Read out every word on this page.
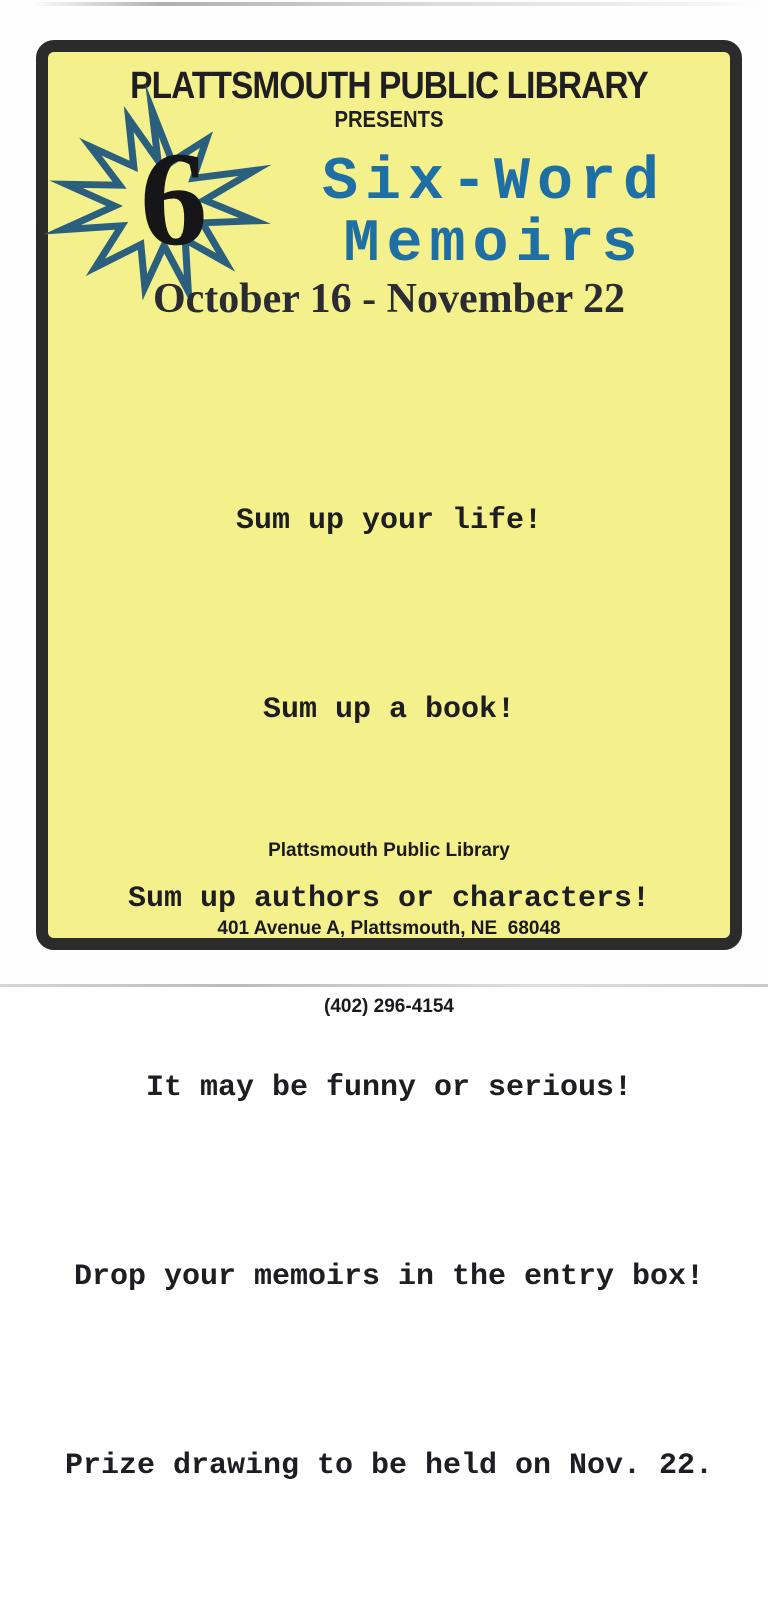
PLATTSMOUTH PUBLIC LIBRARY
PRESENTS
6	Six-Word
Memoirs
October 16 - November 22

Sum up your life!

Sum up a book!

Sum up authors or characters!

It may be funny or serious!

Drop your memoirs in the entry box!

Prize drawing to be held on Nov. 22.

Plattsmouth Public Library

401 Avenue A, Plattsmouth, NE  68048

(402) 296-4154
